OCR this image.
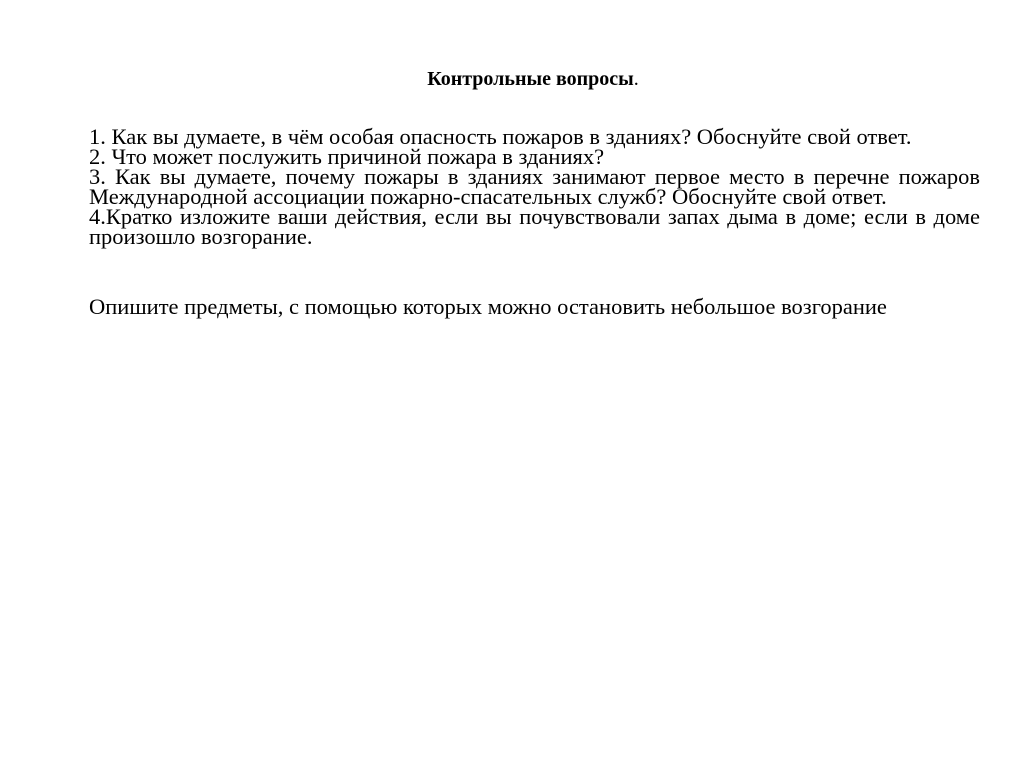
Контрольные вопросы.

1. Как вы думаете, в чём особая опасность пожаров в зданиях? Обоснуйте свой ответ.

2. Что может послужить причиной пожара в зданиях?

3. Как вы думаете, почему пожары в зданиях занимают первое место в перечне пожаров Международной ассоциации пожарно-спасательных служб? Обоснуйте свой ответ.

4.Кратко изложите ваши действия, если вы почувствовали запах дыма в доме; если в доме произошло возгорание.

Опишите предметы, с помощью которых можно остановить небольшое возгорание
